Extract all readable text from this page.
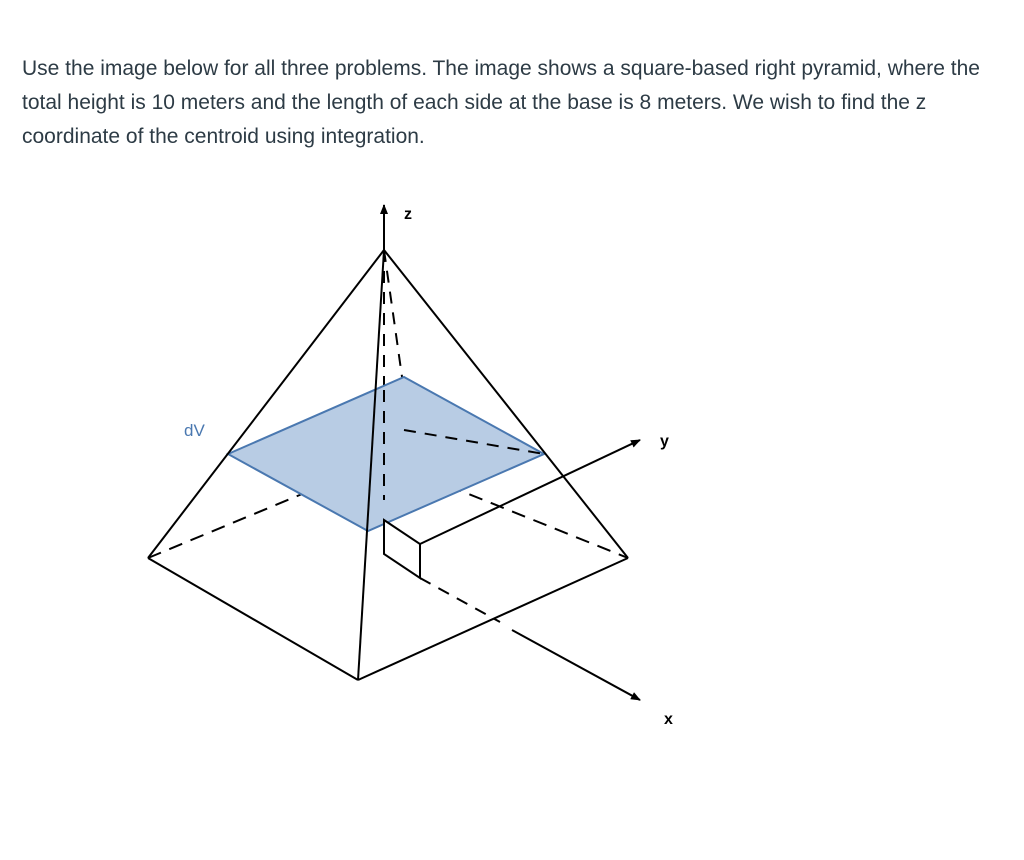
Use the image below for all three problems. The image shows a square-based right pyramid, where the total height is 10 meters and the length of each side at the base is 8 meters. We wish to find the z coordinate of the centroid using integration.

z
y
x
dV
